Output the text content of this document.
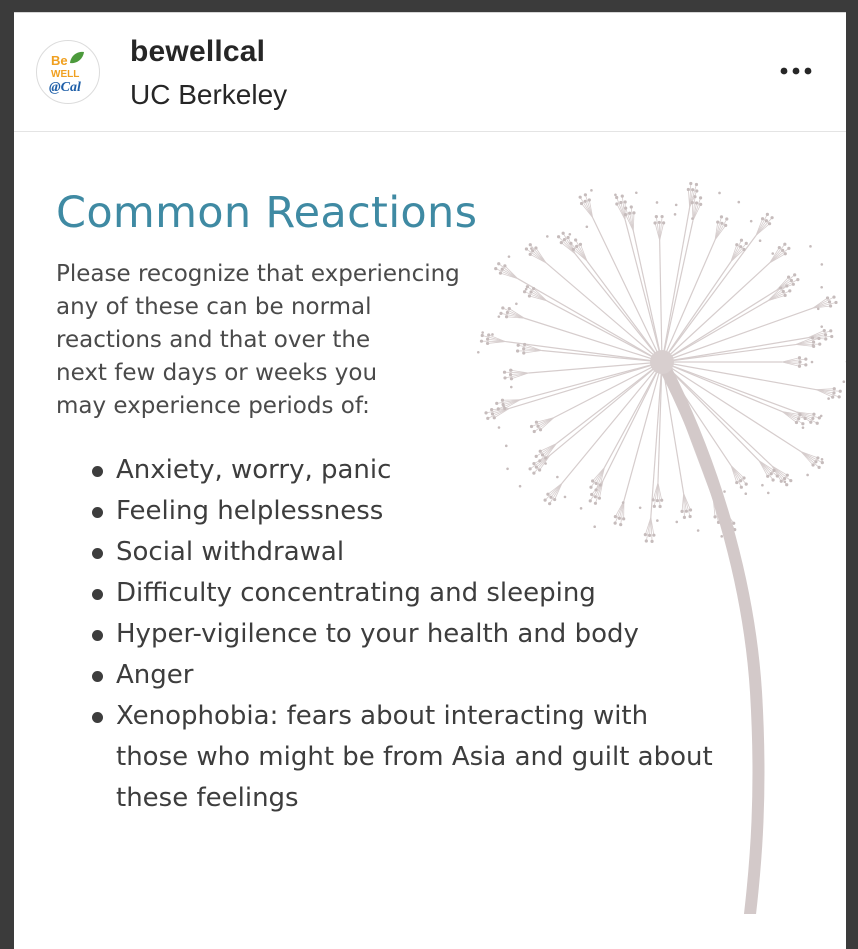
Be
WELL
@Cal
bewellcal
UC Berkeley
Common Reactions
Please recognize that experiencing
any of these can be normal
reactions and that over the
next few days or weeks you
may experience periods of:
Anxiety, worry, panic
Feeling helplessness
Social withdrawal
Difficulty concentrating and sleeping
Hyper-vigilence to your health and body
Anger
Xenophobia: fears about interacting with
those who might be from Asia and guilt about
these feelings
